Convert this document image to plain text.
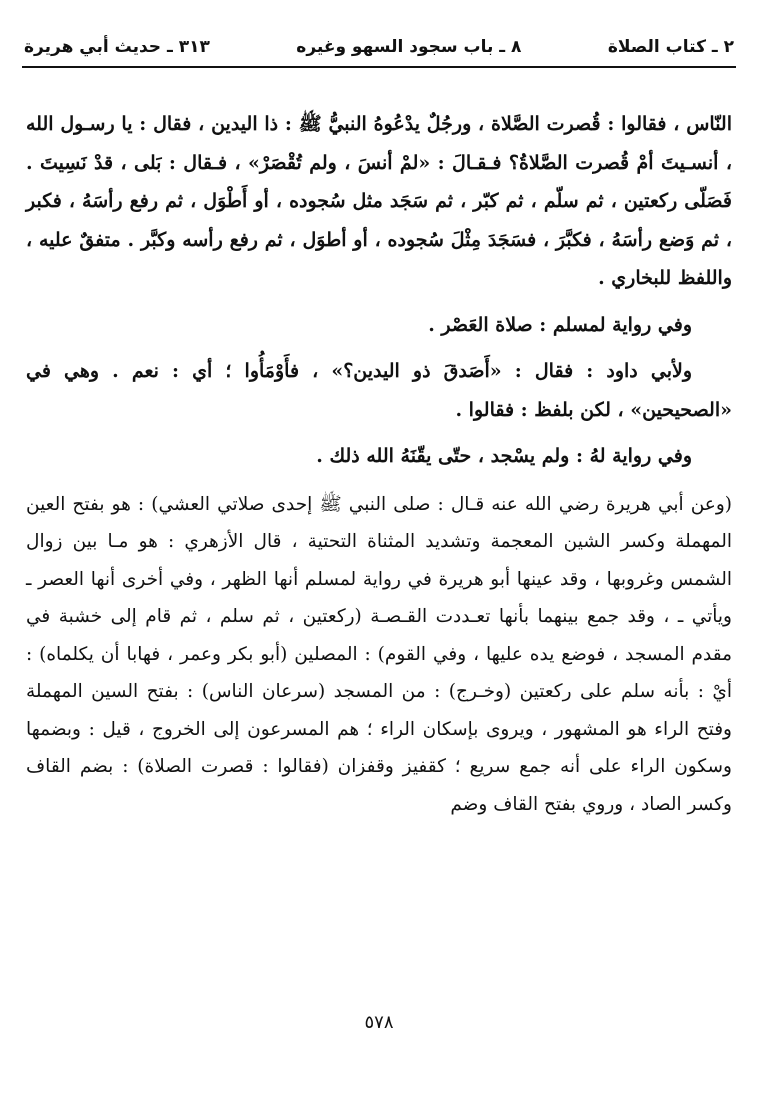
٢ ـ كتاب الصلاة
٨ ـ باب سجود السهو وغيره
٣١٣ ـ حديث أبي هريرة

النّاس ، فقالوا : قُصرت الصَّلاة ، ورجُلٌ يدْعُوهُ النبيُّ ﷺ : ذا اليدين ، فقال : يا رسـول الله ، أنسـيتَ أمْ قُصرت الصَّلاةُ؟ فـقـالَ : «لمْ أنسَ ، ولم تُقْصَرْ» ، فـقال : بَلى ، قدْ نَسِيتَ . فَصَلّى ركعتين ، ثم سلّم ، ثم كبّر ، ثم سَجَد مثل سُجوده ، أو أَطْوَل ، ثم رفع رأسَهُ ، فكبر ، ثم وَضع رأسَهُ ، فكبَّرَ ، فسَجَدَ مِثْلَ سُجوده ، أو أطوَل ، ثم رفع رأسه وكبَّر . متفقٌ عليه ، واللفظ للبخاري .

وفي رواية لمسلم : صلاة العَصْر .

ولأبي داود : فقال : «أَصَدقَ ذو اليدين؟» ، فأَوْمَأُوا ؛ أي : نعم . وهي في «الصحيحين» ، لكن بلفظ : فقالوا .

وفي رواية لهُ : ولم يسْجد ، حتّى يقّنَهُ الله ذلك .

(وعن أبي هريرة رضي الله عنه قـال : صلى النبي ﷺ إحدى صلاتي العشي) : هو بفتح العين المهملة وكسر الشين المعجمة وتشديد المثناة التحتية ، قال الأزهري : هو مـا بين زوال الشمس وغروبها ، وقد عينها أبو هريرة في رواية لمسلم أنها الظهر ، وفي أخرى أنها العصر ـ ويأتي ـ ، وقد جمع بينهما بأنها تعـددت القـصـة (ركعتين ، ثم سلم ، ثم قام إلى خشبة في مقدم المسجد ، فوضع يده عليها ، وفي القوم) : المصلين (أبو بكر وعمر ، فهابا أن يكلماه) : أيْ : بأنه سلم على ركعتين (وخـرج) : من المسجد (سرعان الناس) : بفتح السين المهملة وفتح الراء هو المشهور ، ويروى بإسكان الراء ؛ هم المسرعون إلى الخروج ، قيل : وبضمها وسكون الراء على أنه جمع سريع ؛ كقفيز وقفزان (فقالوا : قصرت الصلاة) : بضم القاف وكسر الصاد ، وروي بفتح القاف وضم

٥٧٨
